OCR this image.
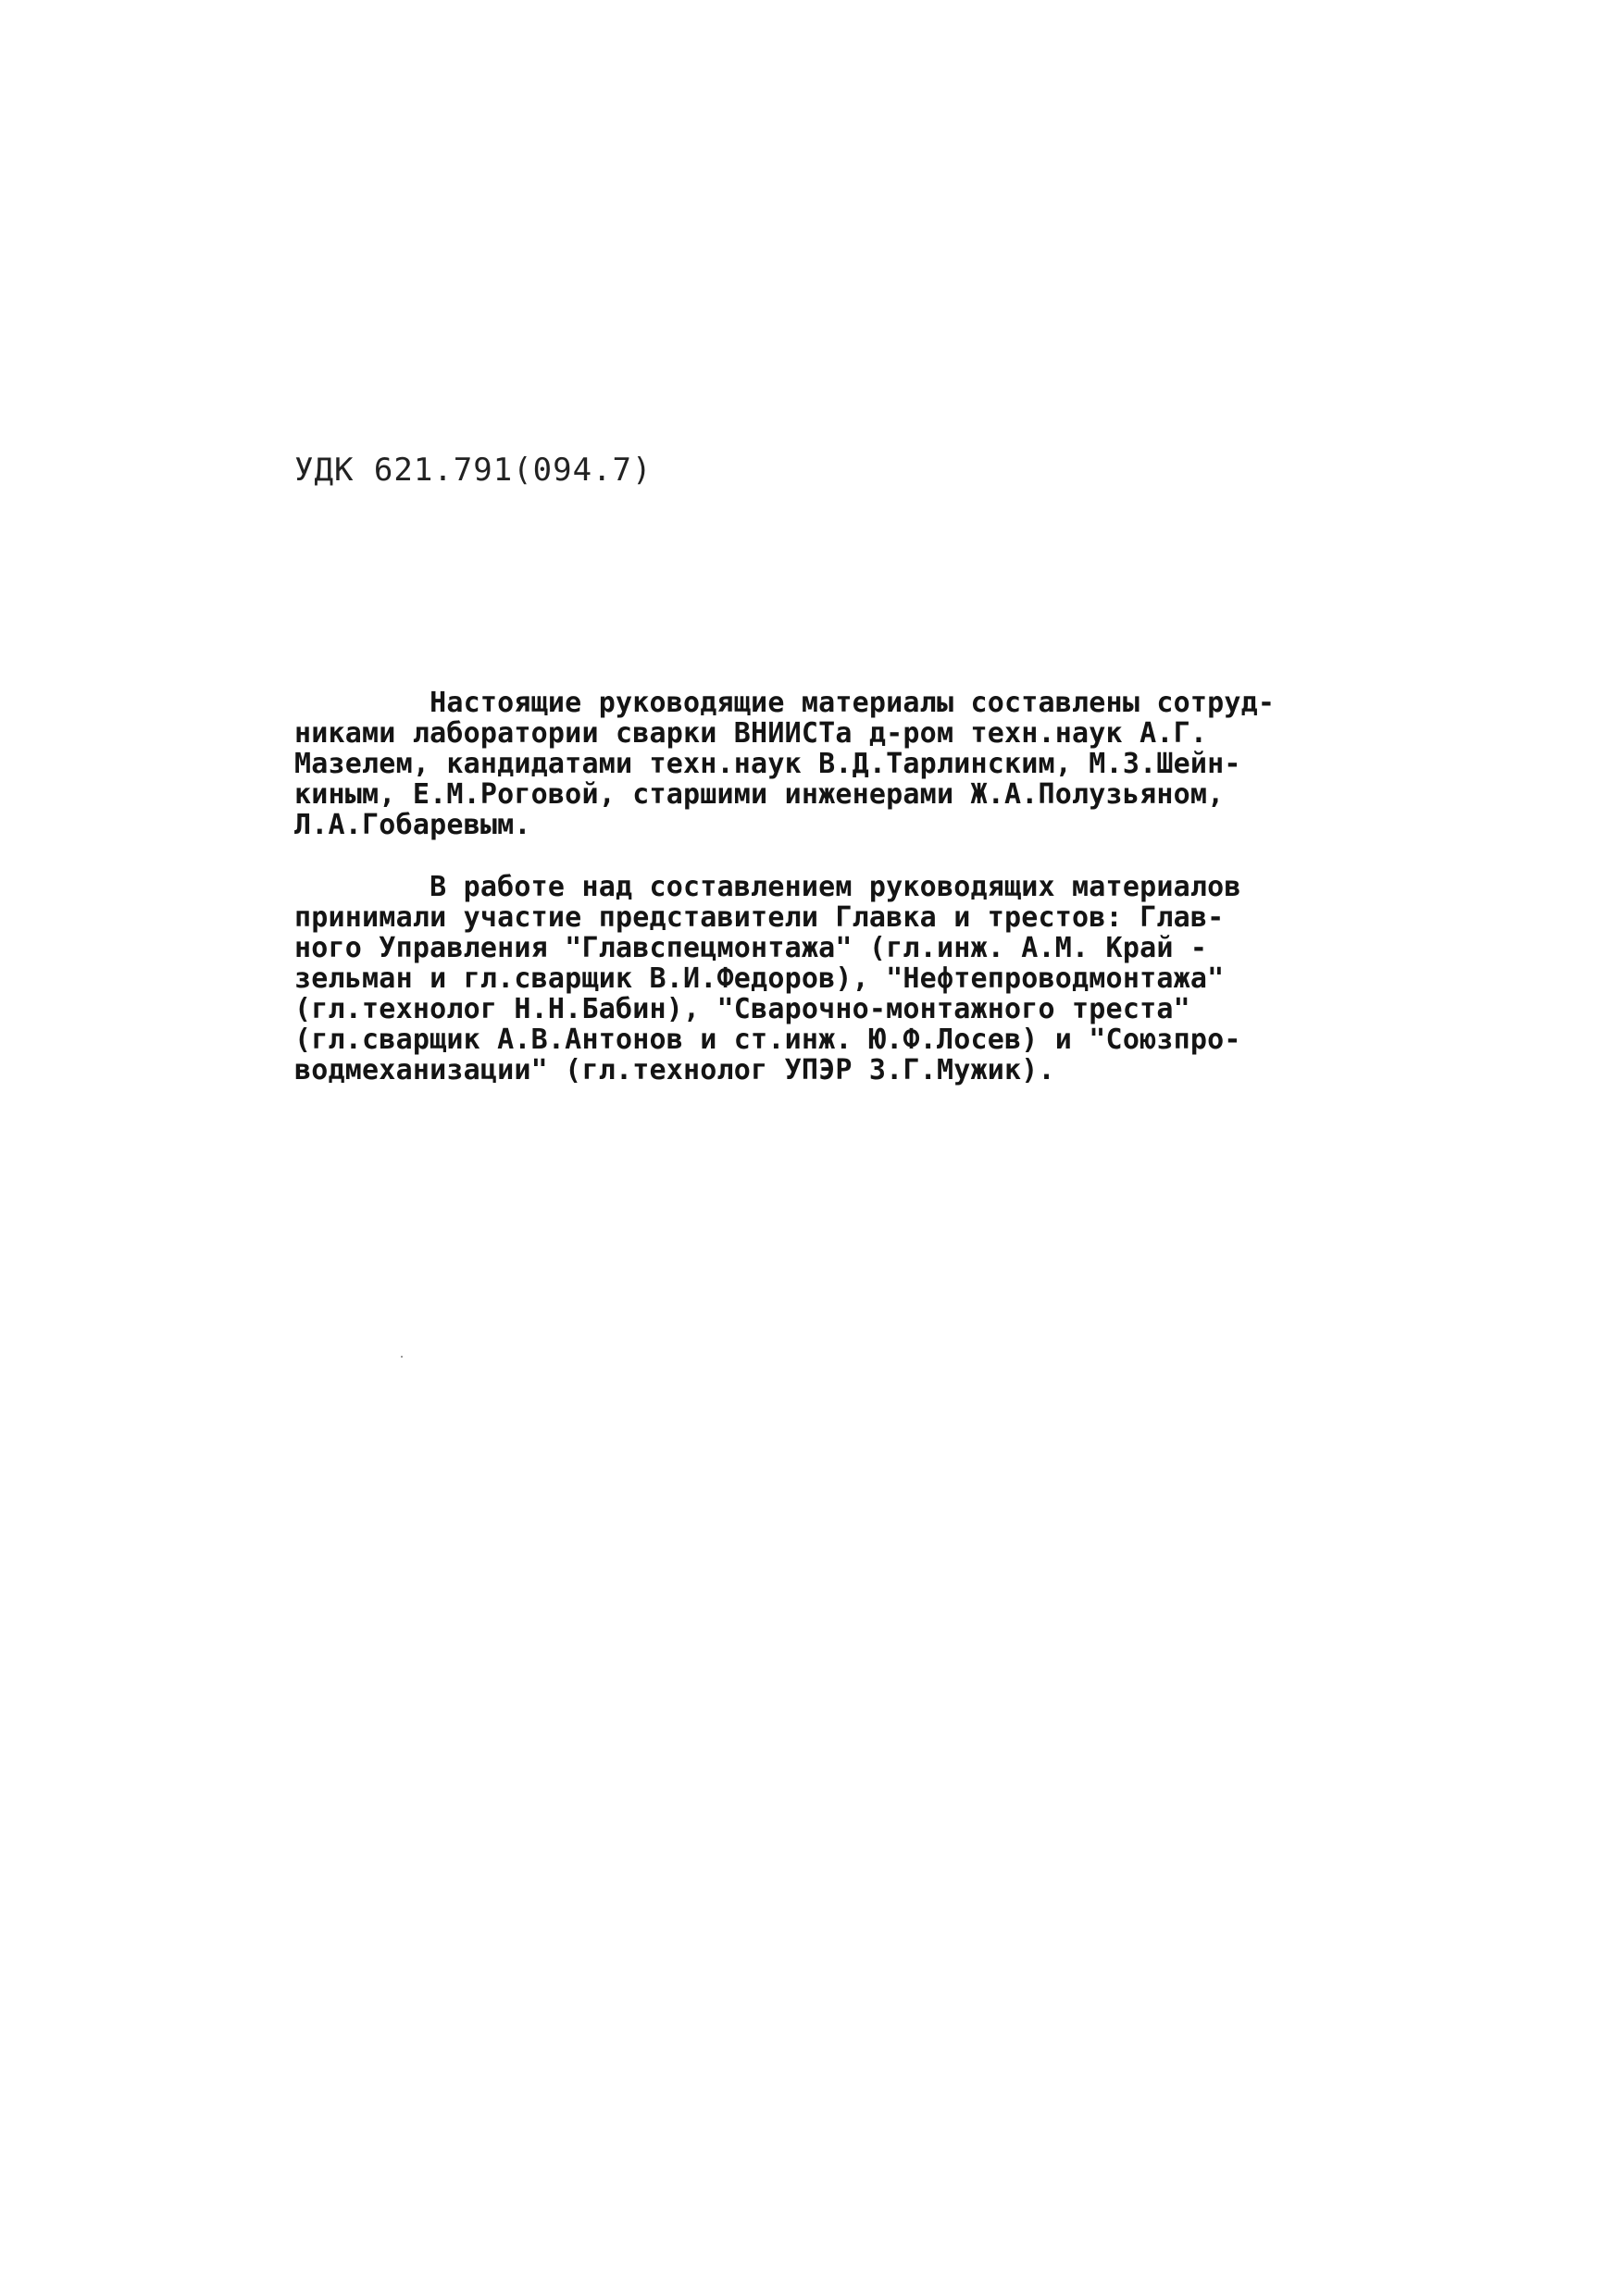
УДК 621.791(094.7)
Настоящие руководящие материалы составлены сотруд-
никами лаборатории сварки ВНИИСТа д-ром техн.наук А.Г.
Мазелем, кандидатами техн.наук В.Д.Тарлинским, М.З.Шейн-
киным, Е.М.Роговой, старшими инженерами Ж.А.Полузьяном,
Л.А.Гобаревым.
В работе над составлением руководящих материалов
принимали участие представители Главка и трестов: Глав-
ного Управления "Главспецмонтажа" (гл.инж. А.М. Край -
зельман и гл.сварщик В.И.Федоров), "Нефтепроводмонтажа"
(гл.технолог Н.Н.Бабин), "Сварочно-монтажного треста"
(гл.сварщик А.В.Антонов и ст.инж. Ю.Ф.Лосев) и "Союзпро-
водмеханизации" (гл.технолог УПЭР З.Г.Мужик).
